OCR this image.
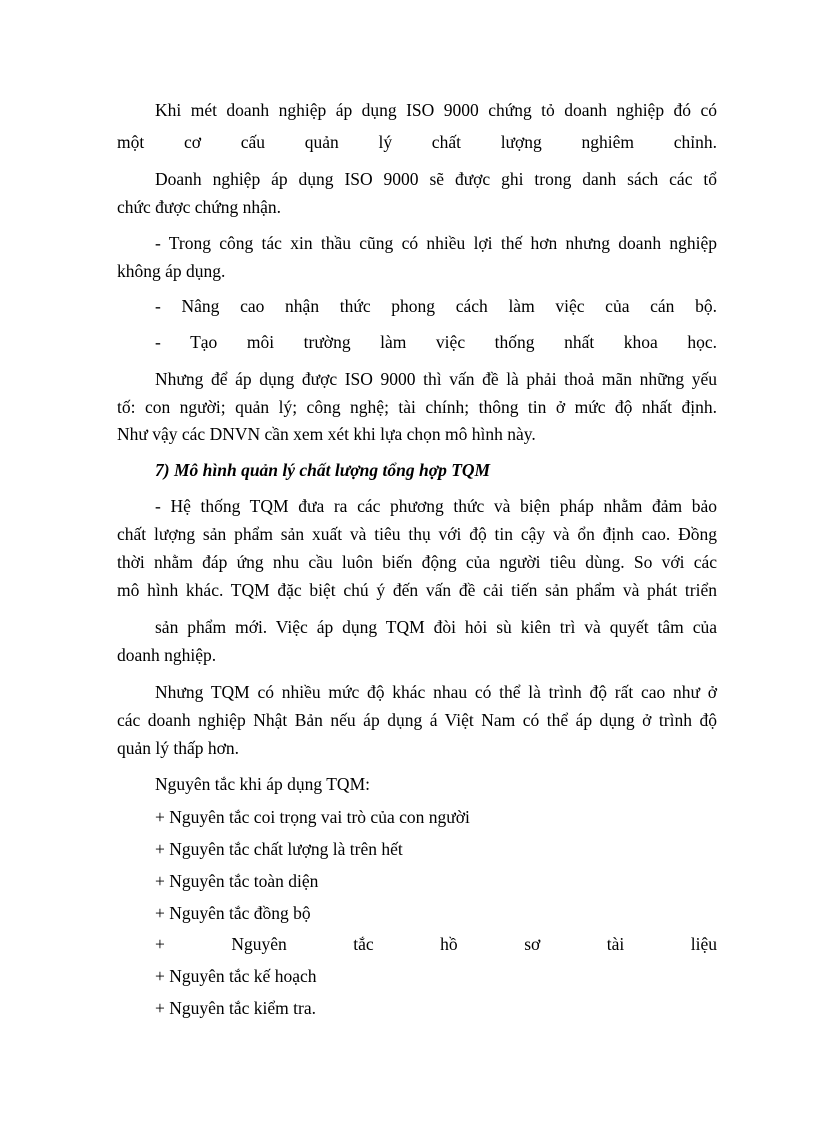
Khi mét doanh nghiệp áp dụng ISO 9000 chứng tỏ doanh nghiệp đó có
một cơ cấu quản lý chất lượng nghiêm chỉnh.
Doanh nghiệp áp dụng ISO 9000 sẽ được ghi trong danh sách các tổ
chức được chứng nhận.
- Trong công tác xin thầu cũng có nhiều lợi thế hơn nhưng doanh nghiệp
không áp dụng.
- Nâng cao nhận thức phong cách làm việc của cán bộ.
- Tạo môi trường làm việc thống nhất khoa học.
Nhưng để áp dụng được ISO 9000 thì vấn đề là phải thoả mãn những yếu
tố: con người; quản lý; công nghệ; tài chính; thông tin ở mức độ nhất định.
Như vậy các DNVN cần xem xét khi lựa chọn mô hình này.
7) Mô hình quản lý chất lượng tổng hợp TQM
- Hệ thống TQM đưa ra các phương thức và biện pháp nhằm đảm bảo
chất lượng sản phẩm sản xuất và tiêu thụ với độ tin cậy và ổn định cao. Đồng
thời nhằm đáp ứng nhu cầu luôn biến động của người tiêu dùng. So với các
mô hình khác. TQM đặc biệt chú ý đến vấn đề cải tiến sản phẩm và phát triển
sản phẩm mới. Việc áp dụng TQM đòi hỏi sù kiên trì và quyết tâm của
doanh nghiệp.
Nhưng TQM có nhiều mức độ khác nhau có thể là trình độ rất cao như ở
các doanh nghiệp Nhật Bản nếu áp dụng á Việt Nam có thể áp dụng ở trình độ
quản lý thấp hơn.
Nguyên tắc khi áp dụng TQM:
+ Nguyên tắc coi trọng vai trò của con người
+ Nguyên tắc chất lượng là trên hết
+ Nguyên tắc toàn diện
+ Nguyên tắc đồng bộ
+ Nguyên tắc hồ sơ tài liệu
+ Nguyên tắc kế hoạch
+ Nguyên tắc kiểm tra.
